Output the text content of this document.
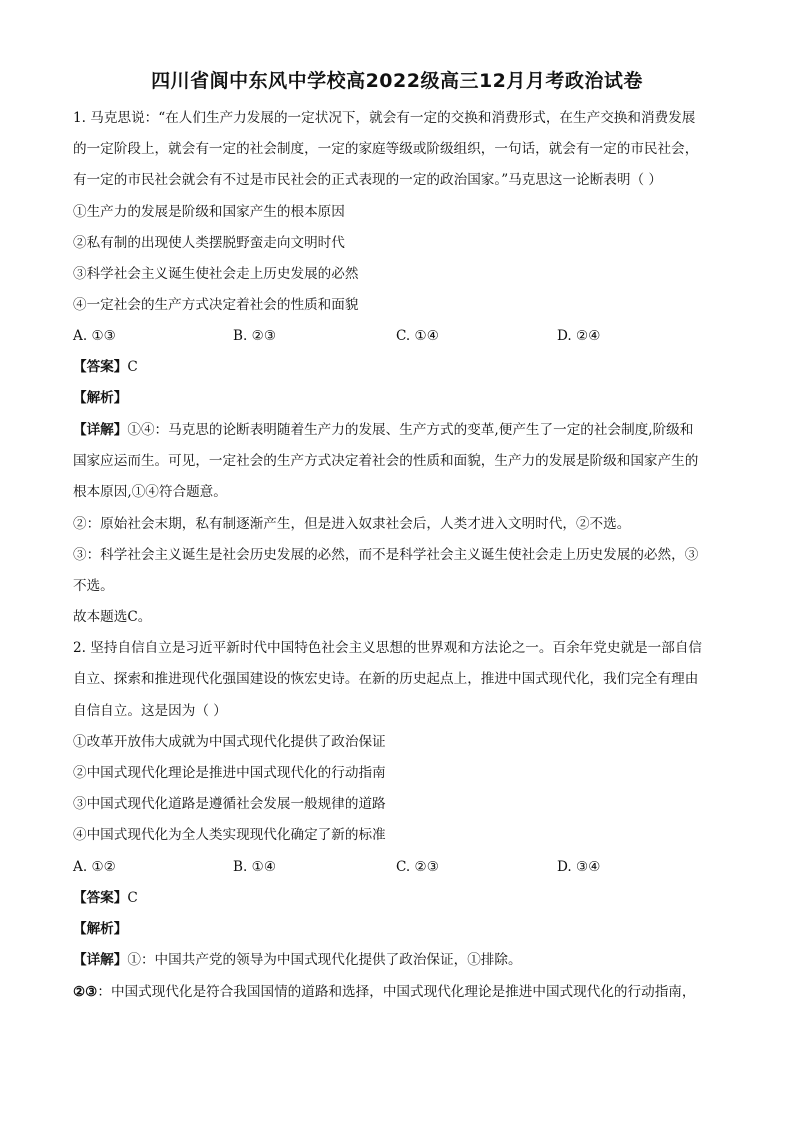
四川省阆中东风中学校高2022级高三12月月考政治试卷
1. 马克思说：“在人们生产力发展的一定状况下，就会有一定的交换和消费形式，在生产交换和消费发展
的一定阶段上，就会有一定的社会制度，一定的家庭等级或阶级组织，一句话，就会有一定的市民社会，
有一定的市民社会就会有不过是市民社会的正式表现的一定的政治国家。”马克思这一论断表明（ ）
①生产力的发展是阶级和国家产生的根本原因
②私有制的出现使人类摆脱野蛮走向文明时代
③科学社会主义诞生使社会走上历史发展的必然
④一定社会的生产方式决定着社会的性质和面貌
A. ①③	B. ②③	C. ①④	D. ②④
【答案】C
【解析】
【详解】①④：马克思的论断表明随着生产力的发展、生产方式的变革,便产生了一定的社会制度,阶级和
国家应运而生。可见，一定社会的生产方式决定着社会的性质和面貌，生产力的发展是阶级和国家产生的
根本原因,①④符合题意。
②：原始社会末期，私有制逐渐产生，但是进入奴隶社会后，人类才进入文明时代，②不选。
③：科学社会主义诞生是社会历史发展的必然，而不是科学社会主义诞生使社会走上历史发展的必然，③
不选。
故本题选C。
2. 坚持自信自立是习近平新时代中国特色社会主义思想的世界观和方法论之一。百余年党史就是一部自信
自立、探索和推进现代化强国建设的恢宏史诗。在新的历史起点上，推进中国式现代化，我们完全有理由
自信自立。这是因为（ ）
①改革开放伟大成就为中国式现代化提供了政治保证
②中国式现代化理论是推进中国式现代化的行动指南
③中国式现代化道路是遵循社会发展一般规律的道路
④中国式现代化为全人类实现现代化确定了新的标准
A. ①②	B. ①④	C. ②③	D. ③④
【答案】C
【解析】
【详解】①：中国共产党的领导为中国式现代化提供了政治保证，①排除。
②③：中国式现代化是符合我国国情的道路和选择，中国式现代化理论是推进中国式现代化的行动指南，
